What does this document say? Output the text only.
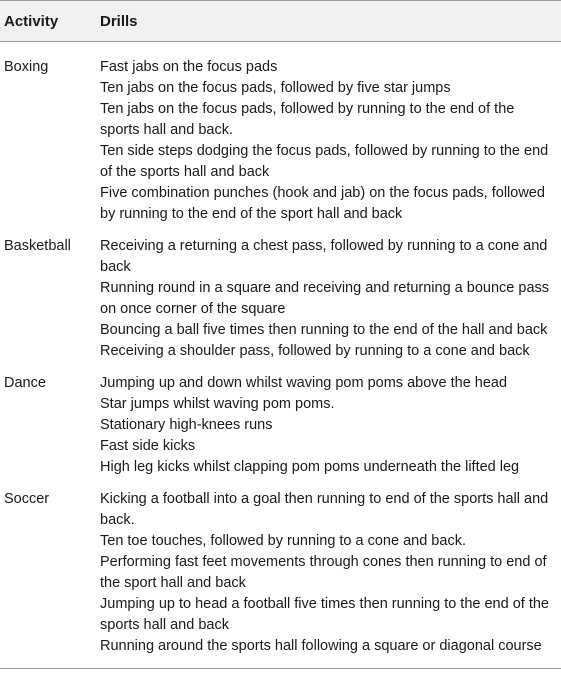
Activity	Drills
Boxing	Fast jabs on the focus pads
Ten jabs on the focus pads, followed by five star jumps
Ten jabs on the focus pads, followed by running to the end of the sports hall and back.
Ten side steps dodging the focus pads, followed by running to the end of the sports hall and back
Five combination punches (hook and jab) on the focus pads, followed by running to the end of the sport hall and back
Basketball	Receiving a returning a chest pass, followed by running to a cone and back
Running round in a square and receiving and returning a bounce pass on once corner of the square
Bouncing a ball five times then running to the end of the hall and back
Receiving a shoulder pass, followed by running to a cone and back
Dance	Jumping up and down whilst waving pom poms above the head
Star jumps whilst waving pom poms.
Stationary high-knees runs
Fast side kicks
High leg kicks whilst clapping pom poms underneath the lifted leg
Soccer	Kicking a football into a goal then running to end of the sports hall and back.
Ten toe touches, followed by running to a cone and back.
Performing fast feet movements through cones then running to end of the sport hall and back
Jumping up to head a football five times then running to the end of the sports hall and back
Running around the sports hall following a square or diagonal course
